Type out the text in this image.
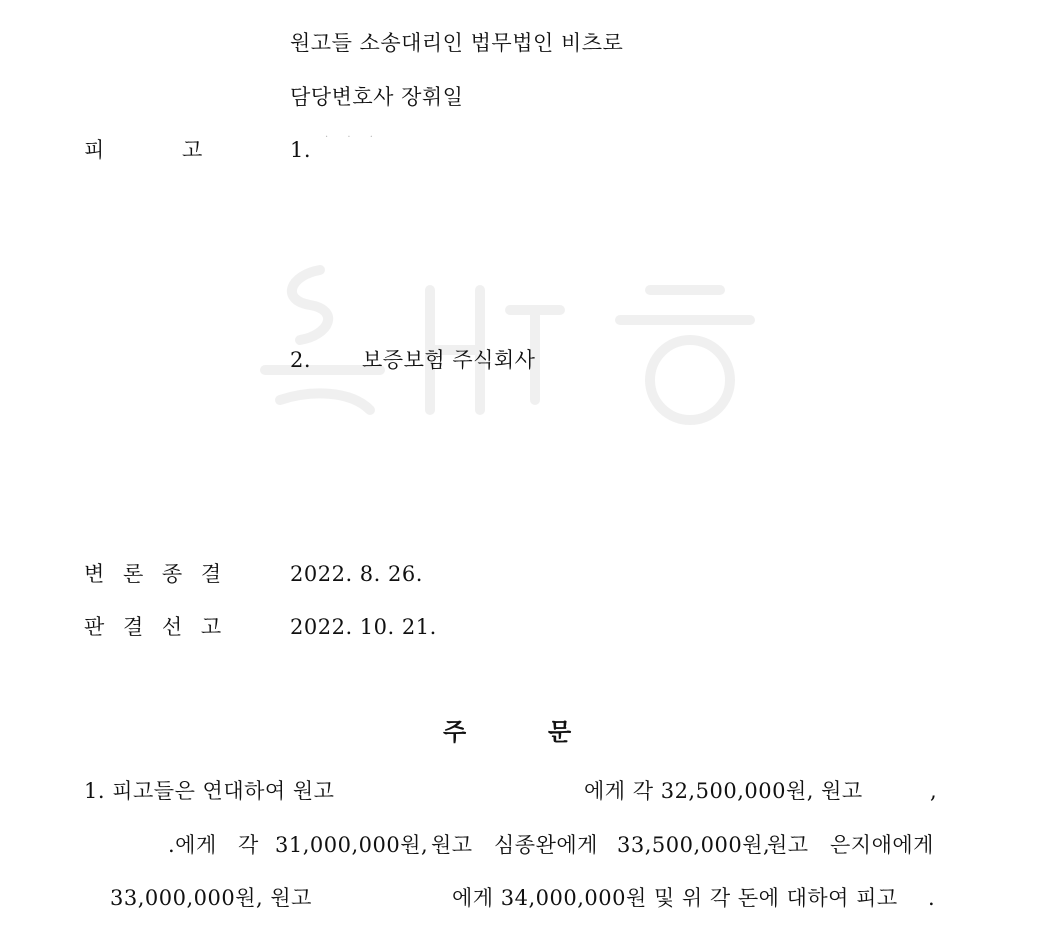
원고들 소송대리인 법무법인 비츠로
담당변호사 장휘일
피 고	1.
· · ·
2. 보증보험 주식회사
변 론 종 결	2022. 8. 26.
판 결 선 고	2022. 10. 21.
주	문
1. 피고들은 연대하여 원고	에게 각 32,500,000원, 원고	,
.에게 각 31,000,000원, 원고 심종완에게 33,500,000원,
원고 은지애에게
33,000,000원, 원고	에게 34,000,000원 및 위 각 돈에 대하여 피고 .
